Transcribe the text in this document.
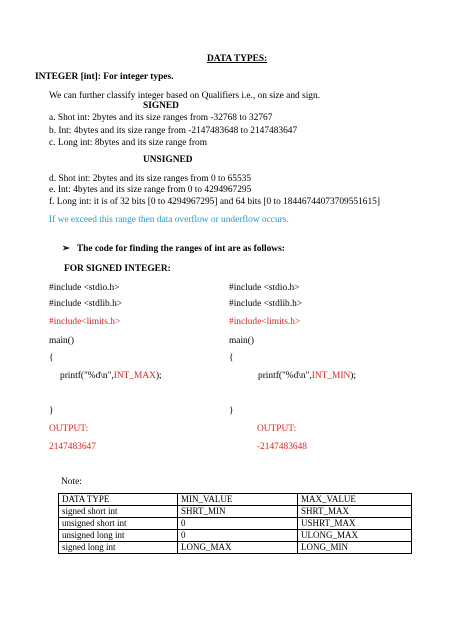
DATA TYPES:
INTEGER [int]: For integer types.
We can further classify integer based on Qualifiers i.e., on size and sign.
SIGNED
a. Shot int: 2bytes and its size ranges from -32768 to 32767
b. Int: 4bytes and its size range from -2147483648 to 2147483647
c. Long int: 8bytes and its size range from
UNSIGNED
d. Shot int: 2bytes and its size ranges from 0 to 65535
e. Int: 4bytes and its size range from 0 to 4294967295
f. Long int: it is of 32 bits [0 to 4294967295] and 64 bits [0 to 18446744073709551615]
If we exceed this range then data overflow or underflow occurs.
➢ The code for finding the ranges of int are as follows:
FOR SIGNED INTEGER:
#include <stdio.h>
#include <stdlib.h>
#include<limits.h>
main()
{
printf("%d\n",INT_MAX);
}
OUTPUT:
2147483647
#include <stdio.h>
#include <stdlib.h>
#include<limits.h>
main()
{
printf("%d\n",INT_MIN);
}
OUTPUT:
-2147483648
Note:
DATA TYPE	MIN_VALUE	MAX_VALUE
signed short int	SHRT_MIN	SHRT_MAX
unsigned short int	0	USHRT_MAX
unsigned long int	0	ULONG_MAX
signed long int	LONG_MAX	LONG_MIN
